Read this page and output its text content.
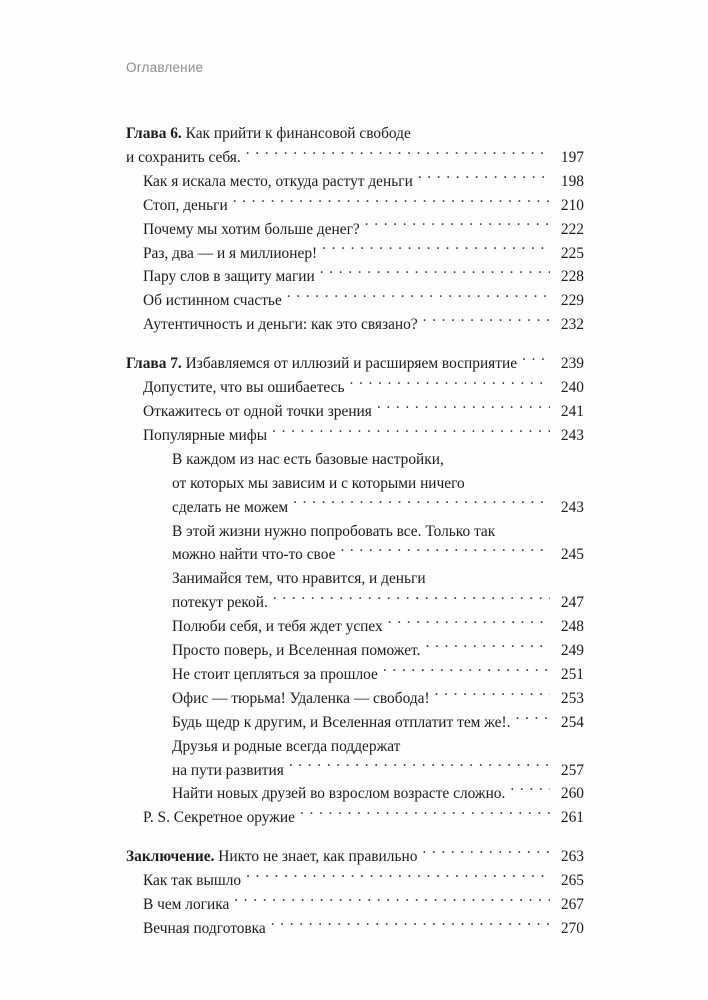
Оглавление
Глава 6. Как прийти к финансовой свободе
и сохранить себя. . . .	197
Как я искала место, откуда растут деньги . . .	198
Стоп, деньги . . .	210
Почему мы хотим больше денег? . . .	222
Раз, два — и я миллионер! . . .	225
Пару слов в защиту магии . . .	228
Об истинном счастье . . .	229
Аутентичность и деньги: как это связано? . . .	232
Глава 7. Избавляемся от иллюзий и расширяем восприятие . . .	239
Допустите, что вы ошибаетесь . . .	240
Откажитесь от одной точки зрения . . .	241
Популярные мифы . . .	243
В каждом из нас есть базовые настройки,
от которых мы зависим и с которыми ничего
сделать не можем . . .	243
В этой жизни нужно попробовать все. Только так
можно найти что-то свое . . .	245
Занимайся тем, что нравится, и деньги
потекут рекой. . . .	247
Полюби себя, и тебя ждет успех . . .	248
Просто поверь, и Вселенная поможет. . . .	249
Не стоит цепляться за прошлое . . .	251
Офис — тюрьма! Удаленка — свобода! . . .	253
Будь щедр к другим, и Вселенная отплатит тем же!. . . .	254
Друзья и родные всегда поддержат
на пути развития . . .	257
Найти новых друзей во взрослом возрасте сложно. . . .	260
P. S. Секретное оружие . . .	261
Заключение. Никто не знает, как правильно . . .	263
Как так вышло . . .	265
В чем логика . . .	267
Вечная подготовка . . .	270
